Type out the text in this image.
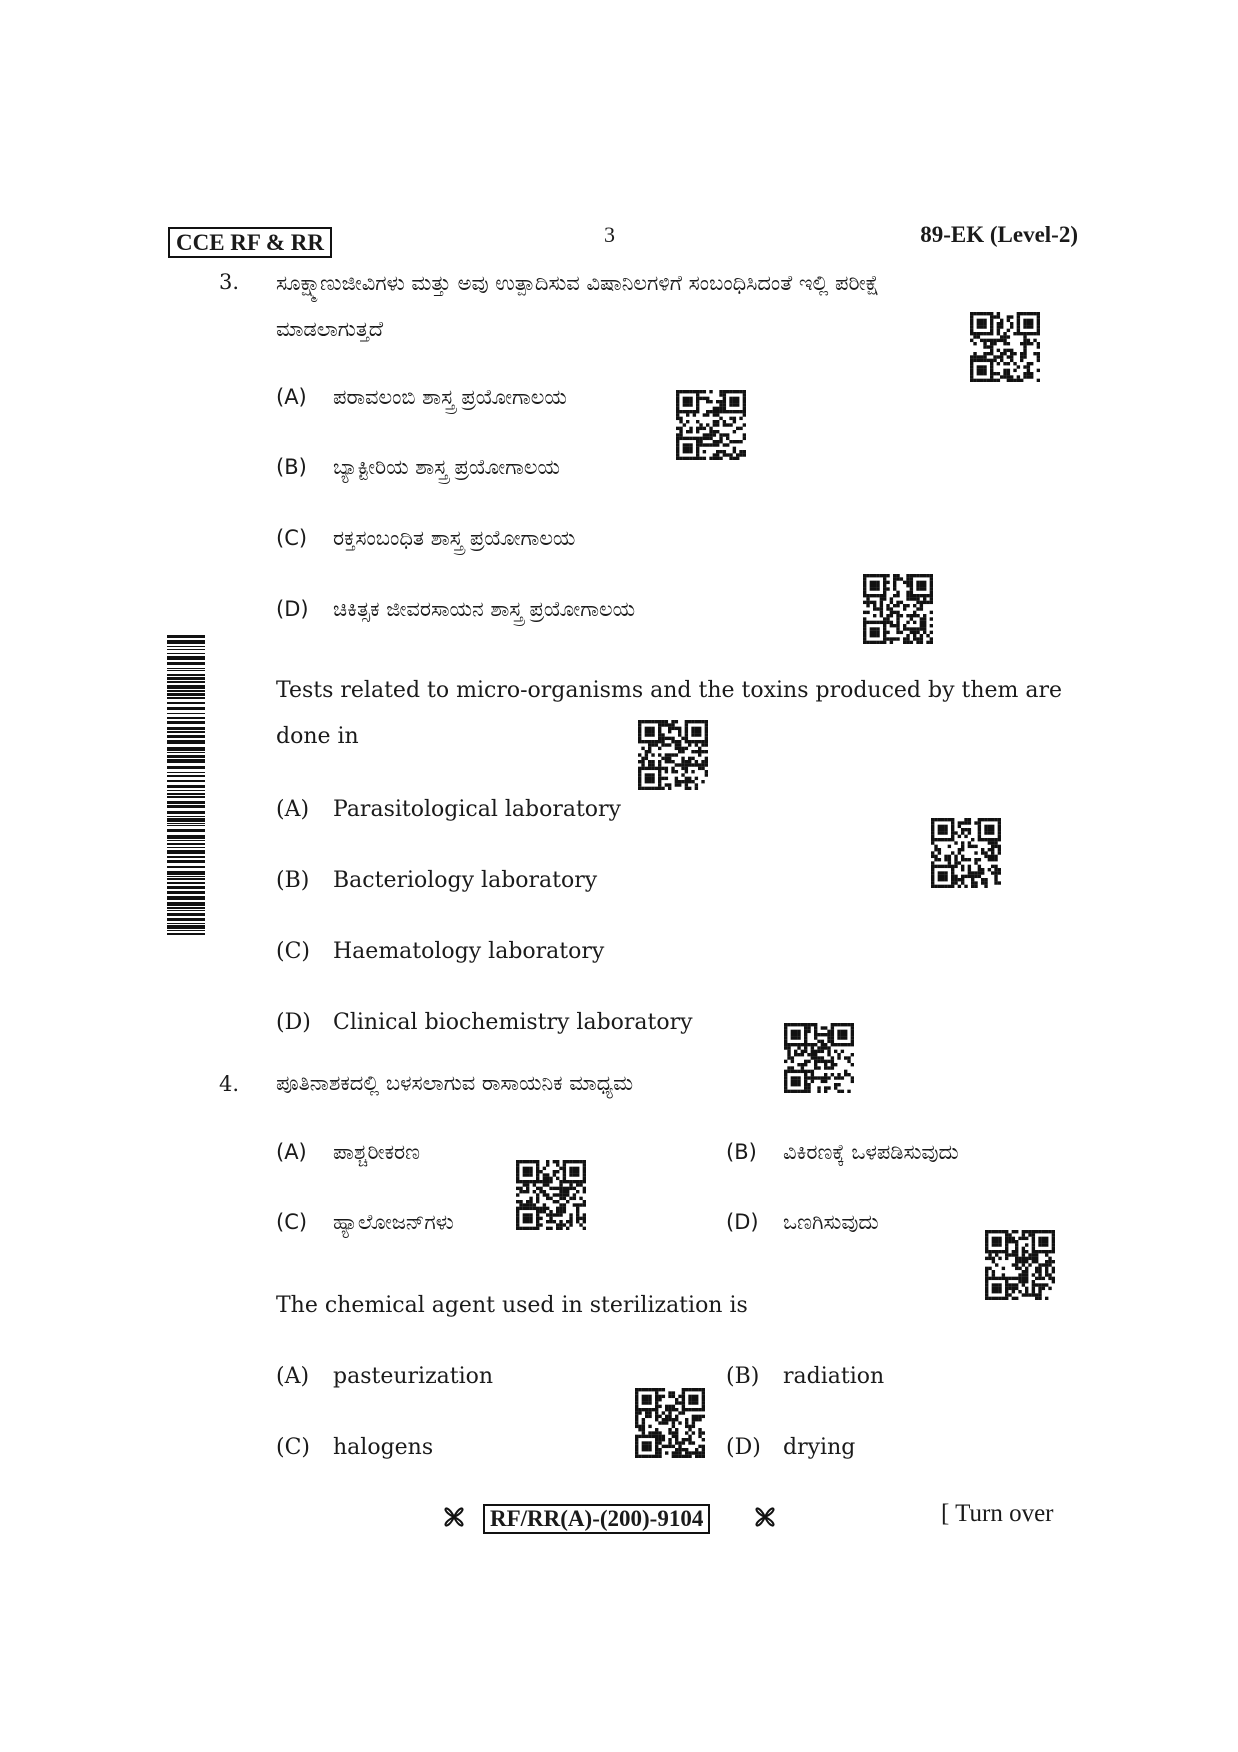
CCE RF & RR	3	89-EK (Level-2)
3. ಸೂಕ್ಷ್ಮಾಣುಜೀವಿಗಳು ಮತ್ತು ಅವು ಉತ್ಪಾದಿಸುವ ವಿಷಾನಿಲಗಳಿಗೆ ಸಂಬಂಧಿಸಿದಂತೆ ಇಲ್ಲಿ ಪರೀಕ್ಷೆ
ಮಾಡಲಾಗುತ್ತದೆ
(A) ಪರಾವಲಂಬಿ ಶಾಸ್ತ್ರ ಪ್ರಯೋಗಾಲಯ
(B) ಬ್ಯಾಕ್ಟೀರಿಯ ಶಾಸ್ತ್ರ ಪ್ರಯೋಗಾಲಯ
(C) ರಕ್ತಸಂಬಂಧಿತ ಶಾಸ್ತ್ರ ಪ್ರಯೋಗಾಲಯ
(D) ಚಿಕಿತ್ಸಕ ಜೀವರಸಾಯನ ಶಾಸ್ತ್ರ ಪ್ರಯೋಗಾಲಯ
Tests related to micro-organisms and the toxins produced by them are
done in
(A) Parasitological laboratory
(B) Bacteriology laboratory
(C) Haematology laboratory
(D) Clinical biochemistry laboratory
4. ಪೂತಿನಾಶಕದಲ್ಲಿ ಬಳಸಲಾಗುವ ರಾಸಾಯನಿಕ ಮಾಧ್ಯಮ
(A) ಪಾಶ್ಚರೀಕರಣ	(B) ವಿಕಿರಣಕ್ಕೆ ಒಳಪಡಿಸುವುದು
(C) ಹ್ಯಾಲೋಜನ್‌ಗಳು	(D) ಒಣಗಿಸುವುದು
The chemical agent used in sterilization is
(A) pasteurization	(B) radiation
(C) halogens	(D) drying
RF/RR(A)-(200)-9104	[ Turn over
